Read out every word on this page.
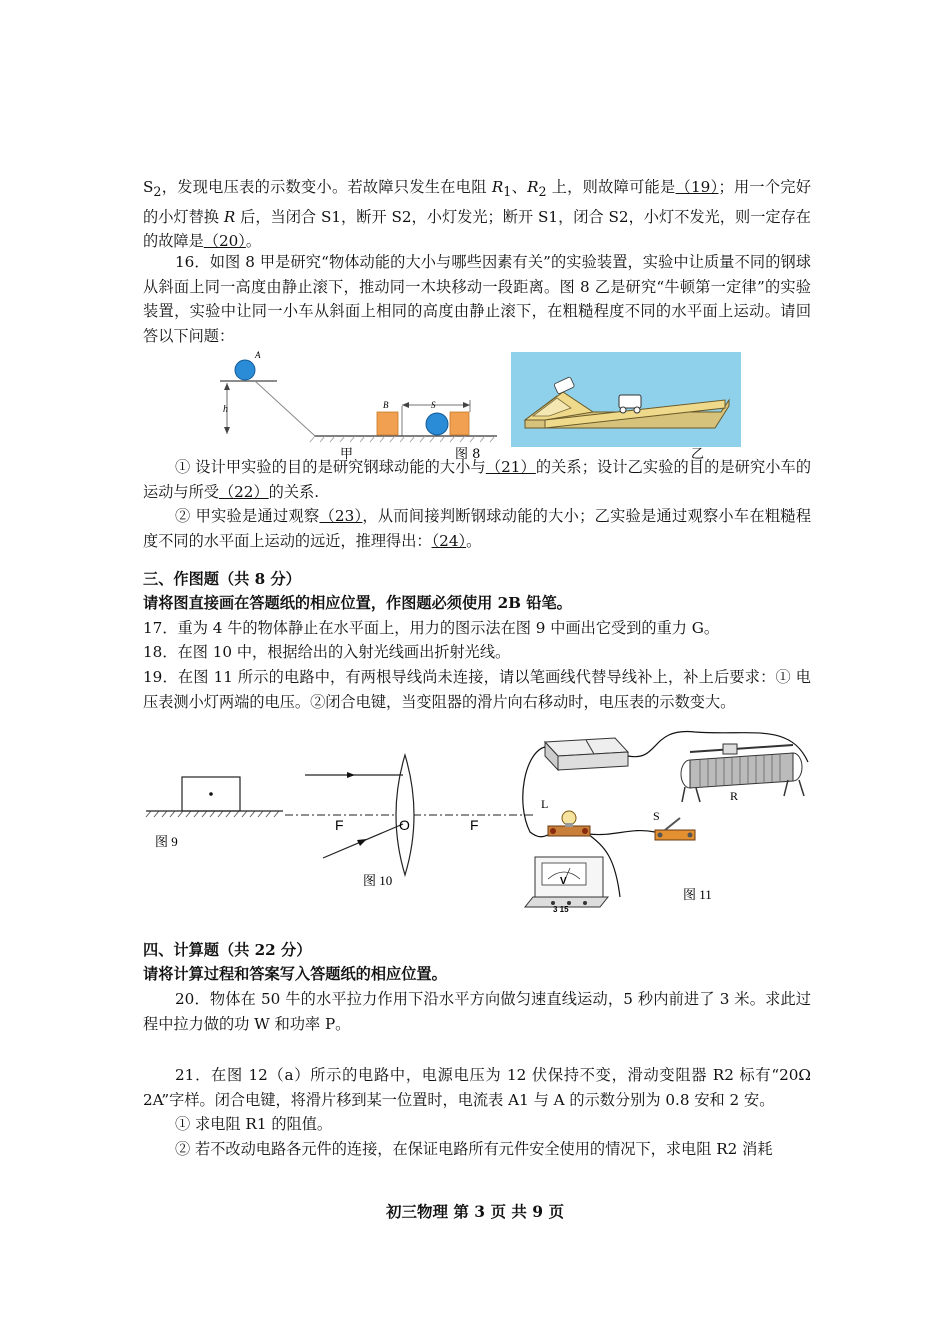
$S_2$，发现电压表的示数变小。若故障只发生在电阻 $R_1$、$R_2$ 上，则故障可能是（19）；用一个完好的小灯替换 R 后，当闭合 S1，断开 S2，小灯发光；断开 S1，闭合 S2，小灯不发光，则一定存在的故障是（20）。

16．如图 8 甲是研究“物体动能的大小与哪些因素有关”的实验装置，实验中让质量不同的钢球从斜面上同一高度由静止滚下，推动同一木块移动一段距离。图 8 乙是研究“牛顿第一定律”的实验装置，实验中让同一小车从斜面上相同的高度由静止滚下，在粗糙程度不同的水平面上运动。请回答以下问题：

A
h	B	S
甲	图 8	乙

① 设计甲实验的目的是研究钢球动能的大小与（21）的关系；设计乙实验的目的是研究小车的运动与所受（22）的关系.

② 甲实验是通过观察（23），从而间接判断钢球动能的大小；乙实验是通过观察小车在粗糙程度不同的水平面上运动的远近，推理得出：（24）。

三、作图题（共 8 分）

请将图直接画在答题纸的相应位置，作图题必须使用 2B 铅笔。

17．重为 4 牛的物体静止在水平面上，用力的图示法在图 9 中画出它受到的重力 G。

18．在图 10 中，根据给出的入射光线画出折射光线。

19．在图 11 所示的电路中，有两根导线尚未连接，请以笔画线代替导线补上，补上后要求：① 电压表测小灯两端的电压。②闭合电键，当变阻器的滑片向右移动时，电压表的示数变大。

图 9
F	O	F
图 10
L
S
R
V
3 15
图 11

四、计算题（共 22 分）

请将计算过程和答案写入答题纸的相应位置。

20．物体在 50 牛的水平拉力作用下沿水平方向做匀速直线运动，5 秒内前进了 3 米。求此过程中拉力做的功 W 和功率 P。

21．在图 12（a）所示的电路中，电源电压为 12 伏保持不变，滑动变阻器 R2 标有“20Ω 2A”字样。闭合电键，将滑片移到某一位置时，电流表 A1 与 A 的示数分别为 0.8 安和 2 安。

① 求电阻 R1 的阻值。

② 若不改动电路各元件的连接，在保证电路所有元件安全使用的情况下，求电阻 R2 消耗

初三物理 第 3 页 共 9 页
